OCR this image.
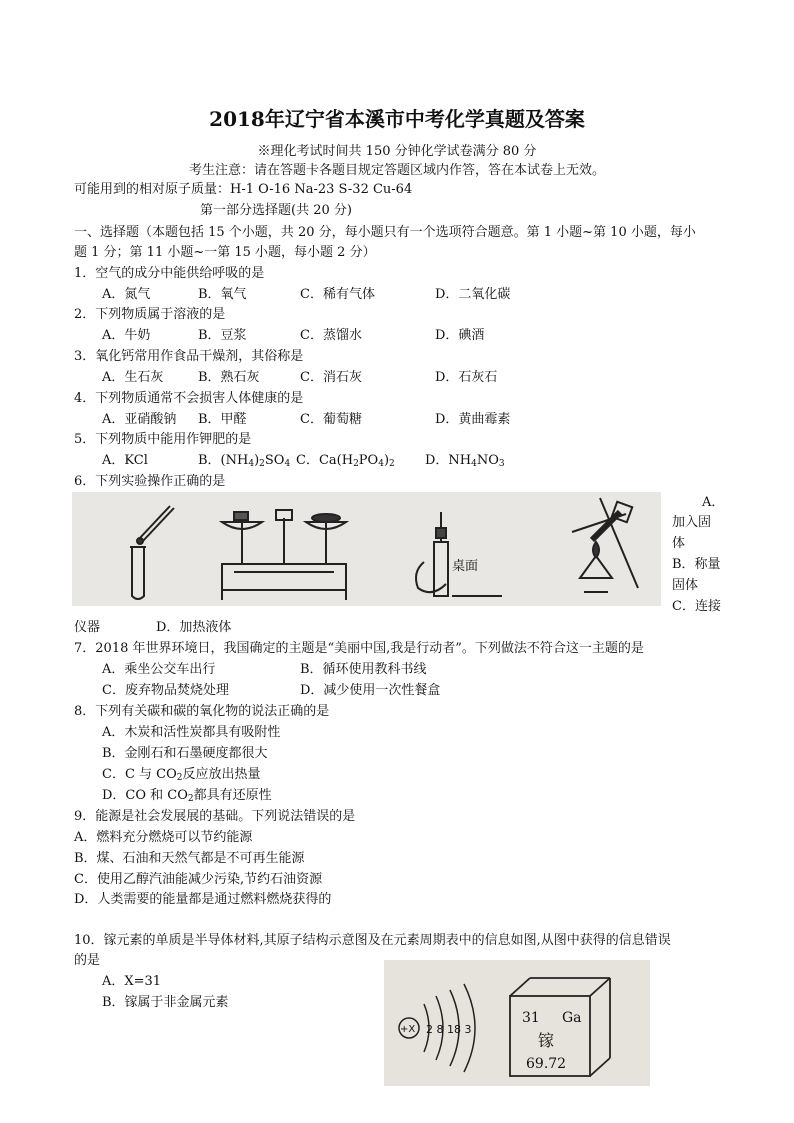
2018年辽宁省本溪市中考化学真题及答案
※理化考试时间共 150 分钟化学试卷满分 80 分
考生注意：请在答题卡各题目规定答题区域内作答，答在本试卷上无效。
可能用到的相对原子质量：H-1 O-16 Na-23 S-32 Cu-64
第一部分选择题(共 20 分)
一、选择题（本题包括 15 个小题，共 20 分，每小题只有一个选项符合题意。第 1 小题~第 10 小题，每小
题 1 分；第 11 小题~一第 15 小题，每小题 2 分）
1．空气的成分中能供给呼吸的是
A．氮气	B．氧气	C．稀有气体	D．二氧化碳
2．下列物质属于溶液的是
A．牛奶	B．豆浆	C．蒸馏水	D．碘酒
3．氧化钙常用作食品干燥剂，其俗称是
A．生石灰	B．熟石灰	C．消石灰	D．石灰石
4．下列物质通常不会损害人体健康的是
A．亚硝酸钠 B．甲醛	C．葡萄糖	D．黄曲霉素
5．下列物质中能用作钾肥的是
A．KCl	B．$(NH_4)_2SO_4$ C．$Ca(H_2PO_4)_2$ D．$NH_4NO_3$
6．下列实验操作正确的是
桌面
A．
加入固
体
B．称量
固体
C．连接
仪器	D．加热液体
7．2018 年世界环境日，我国确定的主题是“美丽中国,我是行动者”。下列做法不符合这一主题的是
A．乘坐公交车出行	B．循环使用教科书线
C．废弃物品焚烧处理	D．减少使用一次性餐盒
8．下列有关碳和碳的氧化物的说法正确的是
A．木炭和活性炭都具有吸附性
B．金刚石和石墨硬度都很大
C．C 与 $CO_2$反应放出热量
D．CO 和 $CO_2$都具有还原性
9．能源是社会发展展的基础。下列说法错误的是
A．燃料充分燃烧可以节约能源
B．煤、石油和天然气都是不可再生能源
C．使用乙醇汽油能减少污染,节约石油资源
D．人类需要的能量都是通过燃料燃烧获得的
10．镓元素的单质是半导体材料,其原子结构示意图及在元素周期表中的信息如图,从图中获得的信息错误
的是
A．X=31
B．镓属于非金属元素
+X 2 8 18 3
31 Ga
镓
69.72
